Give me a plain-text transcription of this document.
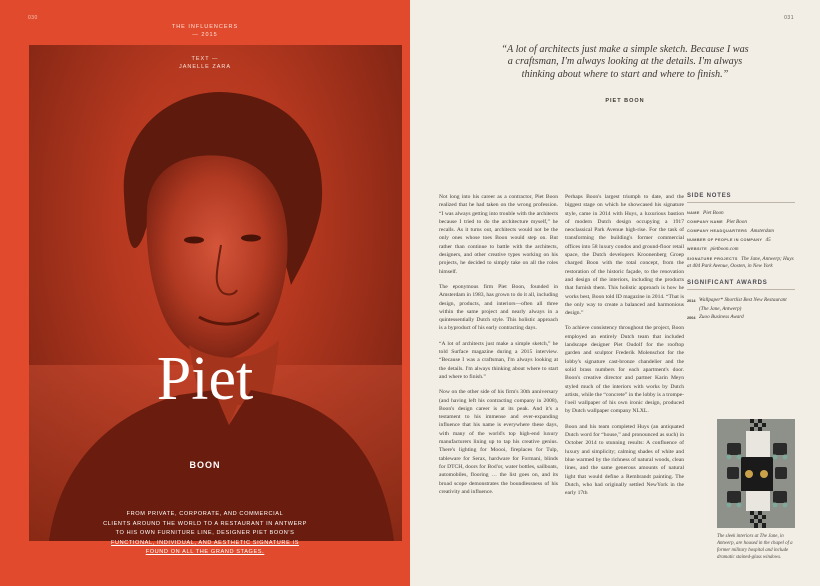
030
THE INFLUENCERS
— 2015
TEXT —
JANELLE ZARA
Piet
BOON
FROM PRIVATE, CORPORATE, AND COMMERCIAL
CLIENTS AROUND THE WORLD TO A RESTAURANT IN ANTWERP
TO HIS OWN FURNITURE LINE, DESIGNER PIET BOON'S
FUNCTIONAL, INDIVIDUAL, AND AESTHETIC SIGNATURE IS
FOUND ON ALL THE GRAND STAGES.
031
“A lot of architects just make a simple sketch. Because I was a craftsman, I'm always looking at the details. I'm always thinking about where to start and where to finish.”
PIET BOON

Not long into his career as a contractor, Piet Boon realized that he had taken on the wrong profession. “I was always getting into trouble with the architects because I tried to do the architecture myself,” he recalls. As it turns out, architects would not be the only ones whose toes Boon would step on. But rather than continue to battle with the architects, designers, and other creative types working on his projects, he decided to simply take on all the roles himself.

The eponymous firm Piet Boon, founded in Amsterdam in 1983, has grown to do it all, including design, products, and interiors—often all three within the same project and nearly always in a quintessentially Dutch style. This holistic approach is a byproduct of his early contracting days.

“A lot of architects just make a simple sketch,” he told Surface magazine during a 2015 interview. “Because I was a craftsman, I'm always looking at the details. I'm always thinking about where to start and where to finish.”

Now on the other side of his firm's 30th anniversary (and having left his contracting company in 2008), Boon's design career is at its peak. And it's a testament to his immense and ever-expanding influence that his name is everywhere these days, with many of the world's top high-end luxury manufacturers lining up to tap his creative genius. There's lighting for Moooi, fireplaces for Tulp, tableware for Serax, hardware for Formani, blinds for DTCH, doors for Bod'or, water bottles, sailboats, automobiles, flooring … the list goes on, and its broad scope demonstrates the boundlessness of his creativity and influence.

Perhaps Boon's largest triumph to date, and the biggest stage on which he showcased his signature style, came in 2014 with Huys, a luxurious bastion of modern Dutch design occupying a 1917 neoclassical Park Avenue high-rise. For the task of transforming the building's former commercial offices into 58 luxury condos and ground-floor retail space, the Dutch developers Kroonenberg Groep charged Boon with the total concept, from the restoration of the historic façade, to the renovation and design of the interiors, including the products that furnish them. This holistic approach is how he works best, Boon told ID magazine in 2014. “That is the only way to create a balanced and harmonious design.”

To achieve consistency throughout the project, Boon employed an entirely Dutch team that included landscape designer Piet Oudolf for the rooftop garden and sculptor Frederik Molenschot for the lobby's signature cast-bronze chandelier and the solid brass numbers for each apartment's door. Boon's creative director and partner Karin Meyn styled much of the interiors with works by Dutch artists, while the “concrete” in the lobby is a trompe-l'oeil wallpaper of his own ironic design, produced by Dutch wallpaper company NLXL.

Boon and his team completed Huys (an antiquated Dutch word for “house,” and pronounced as such) in October 2014 to stunning results: A confluence of luxury and simplicity; calming shades of white and blue warmed by the richness of natural woods, clean lines, and the same generous amounts of natural light that would define a Rembrandt painting. The Dutch, who had originally settled NewYork in the early 17th

SIDE NOTES
NAME Piet Boon
COMPANY NAME Piet Boon
COMPANY HEADQUARTERS Amsterdam
NUMBER OF PEOPLE IN COMPANY 45
WEBSITE pietboon.com
SIGNATURE PROJECTS The Jane, Antwerp; Huys at 404 Park Avenue, Oosten, in New York
SIGNIFICANT AWARDS
2014 Wallpaper* Shortlist Best New Restaurant (The Jane, Antwerp)
2004 Zuoo Business Award
The sleek interiors at The Jane, in Antwerp, are housed in the chapel of a former military hospital and include dramatic stained-glass windows.
